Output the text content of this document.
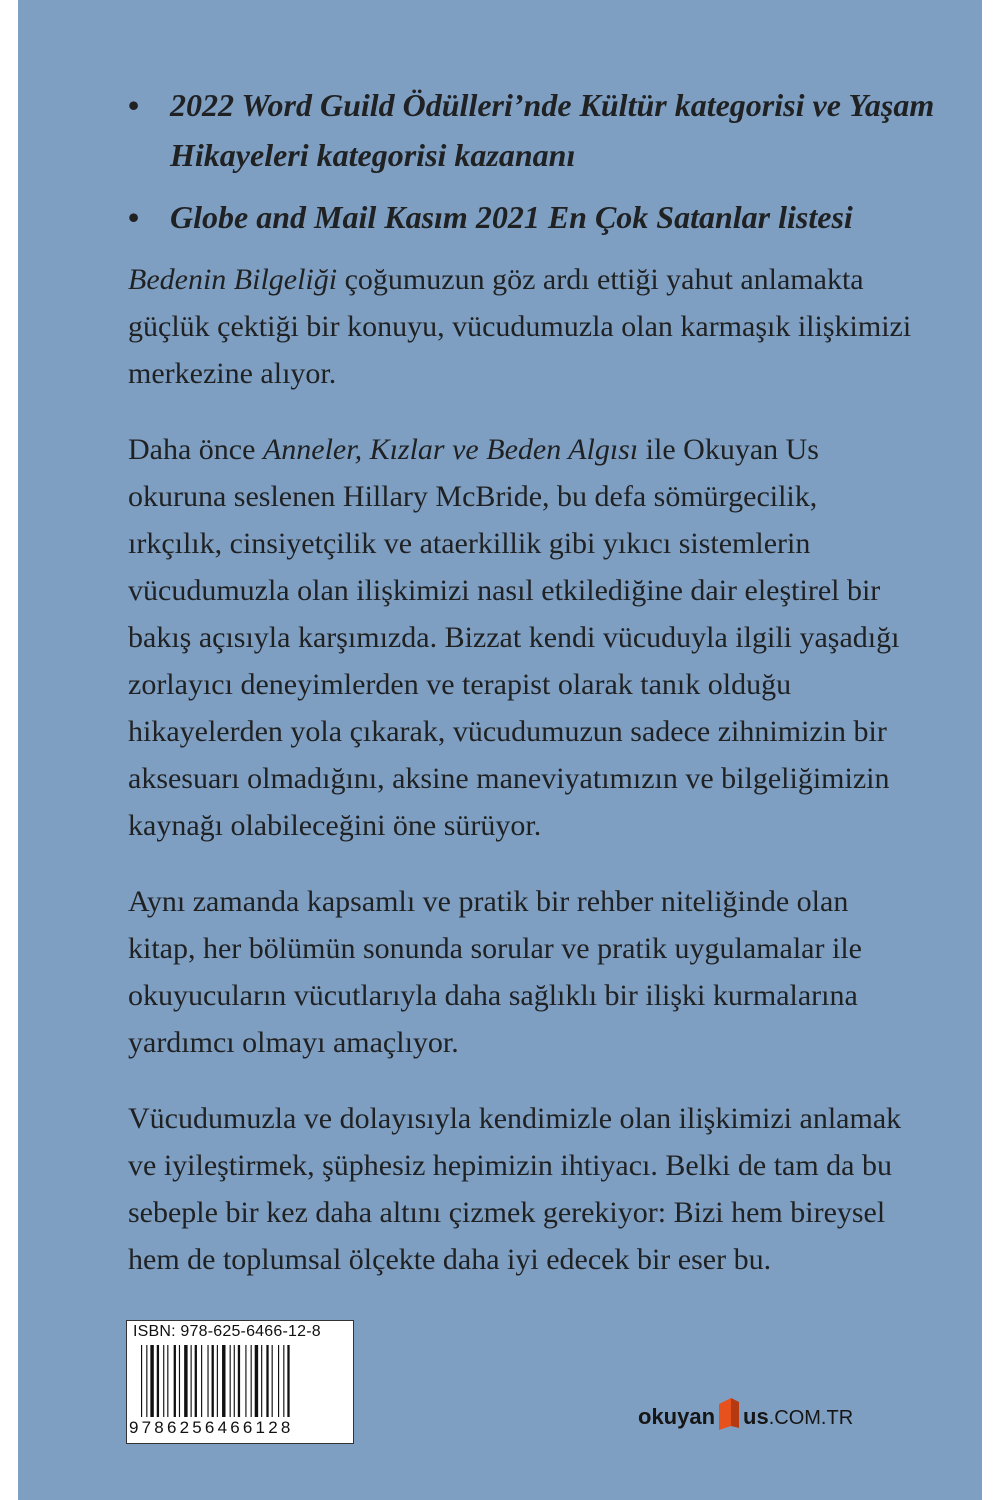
• 2022 Word Guild Ödülleri’nde Kültür kategorisi ve Yaşam Hikayeleri kategorisi kazananı
• Globe and Mail Kasım 2021 En Çok Satanlar listesi

Bedenin Bilgeliği çoğumuzun göz ardı ettiği yahut anlamakta güçlük çektiği bir konuyu, vücudumuzla olan karmaşık ilişkimizi merkezine alıyor.

Daha önce Anneler, Kızlar ve Beden Algısı ile Okuyan Us okuruna seslenen Hillary McBride, bu defa sömürgecilik, ırkçılık, cinsiyetçilik ve ataerkillik gibi yıkıcı sistemlerin vücudumuzla olan ilişkimizi nasıl etkilediğine dair eleştirel bir bakış açısıyla karşımızda. Bizzat kendi vücuduyla ilgili yaşadığı zorlayıcı deneyimlerden ve terapist olarak tanık olduğu hikayelerden yola çıkarak, vücudumuzun sadece zihnimizin bir aksesuarı olmadığını, aksine maneviyatımızın ve bilgeliğimizin kaynağı olabileceğini öne sürüyor.

Aynı zamanda kapsamlı ve pratik bir rehber niteliğinde olan kitap, her bölümün sonunda sorular ve pratik uygulamalar ile okuyucuların vücutlarıyla daha sağlıklı bir ilişki kurmalarına yardımcı olmayı amaçlıyor.

Vücudumuzla ve dolayısıyla kendimizle olan ilişkimizi anlamak ve iyileştirmek, şüphesiz hepimizin ihtiyacı. Belki de tam da bu sebeple bir kez daha altını çizmek gerekiyor: Bizi hem bireysel hem de toplumsal ölçekte daha iyi edecek bir eser bu.

ISBN: 978-625-6466-12-8
9786256466128	okuyan us .COM.TR
